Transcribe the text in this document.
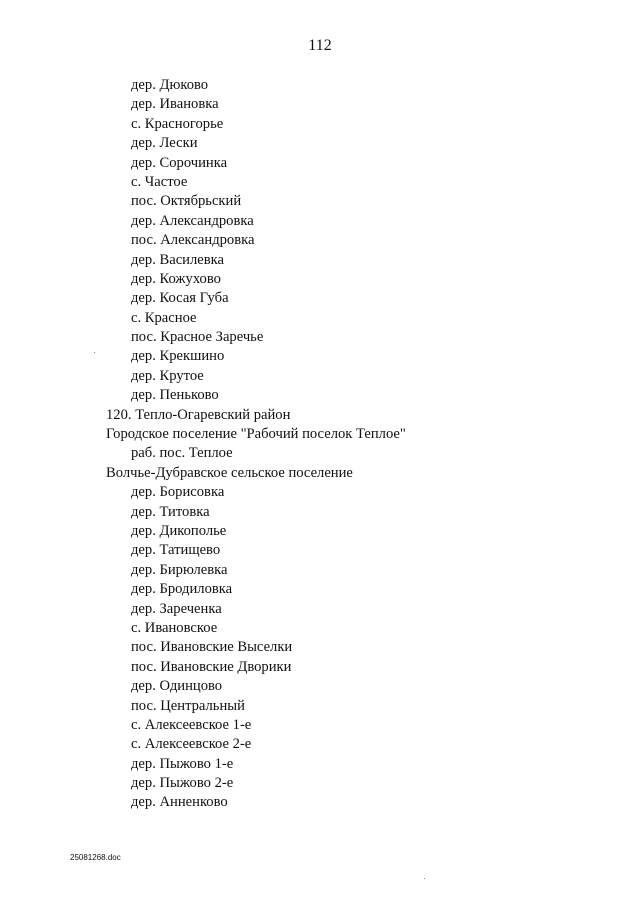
112
дер. Дюково
дер. Ивановка
с. Красногорье
дер. Лески
дер. Сорочинка
с. Частое
пос. Октябрьский
дер. Александровка
пос. Александровка
дер. Василевка
дер. Кожухово
дер. Косая Губа
с. Красное
пос. Красное Заречье
дер. Крекшино
дер. Крутое
дер. Пеньково
120. Тепло-Огаревский район
Городское поселение "Рабочий поселок Теплое"
раб. пос. Теплое
Волчье-Дубравское сельское поселение
дер. Борисовка
дер. Титовка
дер. Дикополье
дер. Татищево
дер. Бирюлевка
дер. Бродиловка
дер. Зареченка
с. Ивановское
пос. Ивановские Выселки
пос. Ивановские Дворики
дер. Одинцово
пос. Центральный
с. Алексеевское 1-е
с. Алексеевское 2-е
дер. Пыжово 1-е
дер. Пыжово 2-е
дер. Анненково
25081268.doc
